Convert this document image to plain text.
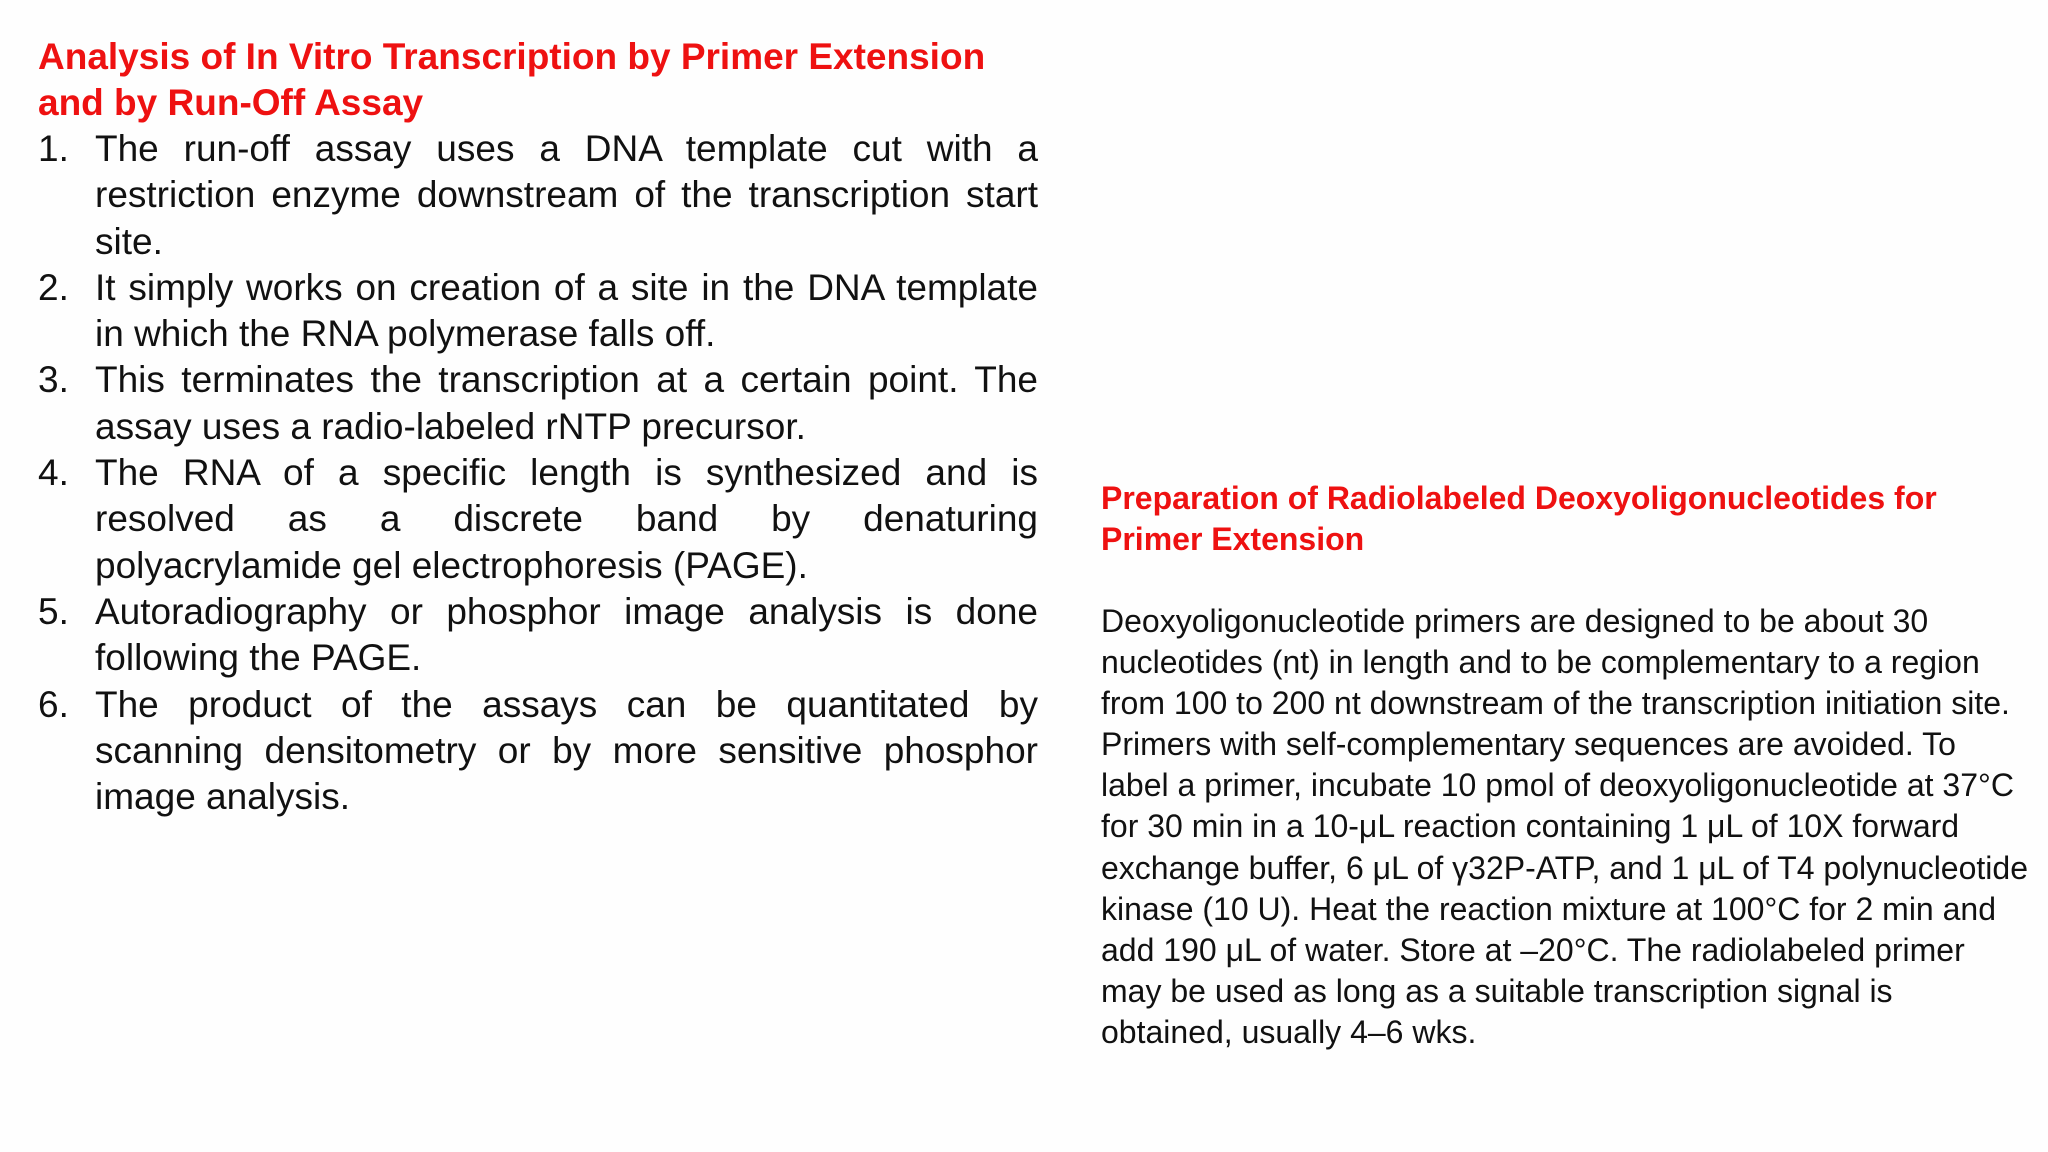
Analysis of In Vitro Transcription by Primer Extension and by Run-Off Assay
1. The run-off assay uses a DNA template cut with a restriction enzyme downstream of the transcription start site.
2. It simply works on creation of a site in the DNA template in which the RNA polymerase falls off.
3. This terminates the transcription at a certain point. The assay uses a radio-labeled rNTP precursor.
4. The RNA of a specific length is synthesized and is resolved as a discrete band by denaturing polyacrylamide gel electrophoresis (PAGE).
5. Autoradiography or phosphor image analysis is done following the PAGE.
6. The product of the assays can be quantitated by scanning densitometry or by more sensitive phosphor image analysis.
Preparation of Radiolabeled Deoxyoligonucleotides for Primer Extension

Deoxyoligonucleotide primers are designed to be about 30 nucleotides (nt) in length and to be complementary to a region from 100 to 200 nt downstream of the transcription initiation site. Primers with self-complementary sequences are avoided. To label a primer, incubate 10 pmol of deoxyoligonucleotide at 37°C for 30 min in a 10-μL reaction containing 1 μL of 10X forward exchange buffer, 6 μL of γ32P-ATP, and 1 μL of T4 polynucleotide kinase (10 U). Heat the reaction mixture at 100°C for 2 min and add 190 μL of water. Store at –20°C. The radiolabeled primer may be used as long as a suitable transcription signal is obtained, usually 4–6 wks.
